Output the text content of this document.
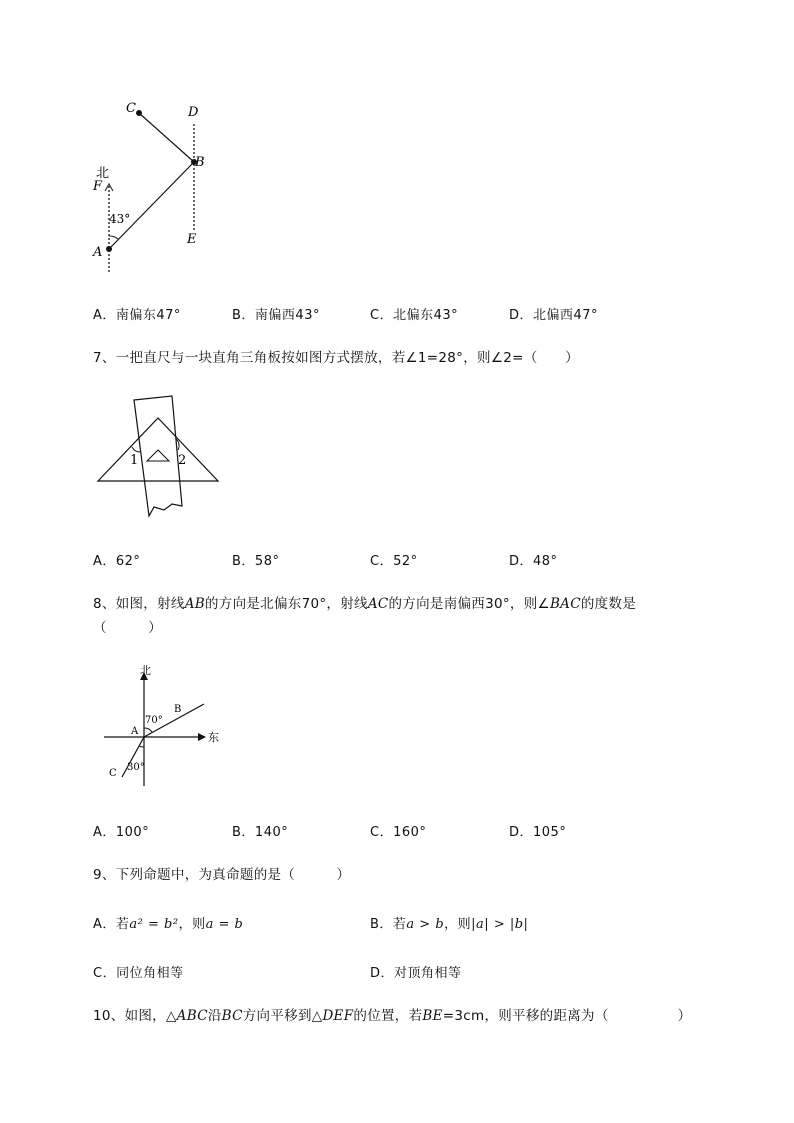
C	D
B
北
F
43°
A
E
A．南偏东47°	B．南偏西43°	C．北偏东43°	D．北偏西47°
7、一把直尺与一块直角三角板按如图方式摆放，若∠1=28°，则∠2=（　　）
1	2
A．62°	B．58°	C．52°	D．48°
8、如图，射线AB的方向是北偏东70°，射线AC的方向是南偏西30°，则∠BAC的度数是
（　　　）
北
东
B
A
C
70°
30°
A．100°	B．140°	C．160°	D．105°
9、下列命题中，为真命题的是（　　　）
A．若a² = b²，则a = b	B．若a > b，则|a| > |b|
C．同位角相等	D．对顶角相等
10、如图，△ABC沿BC方向平移到△DEF的位置，若BE=3cm，则平移的距离为（　　　　　）
